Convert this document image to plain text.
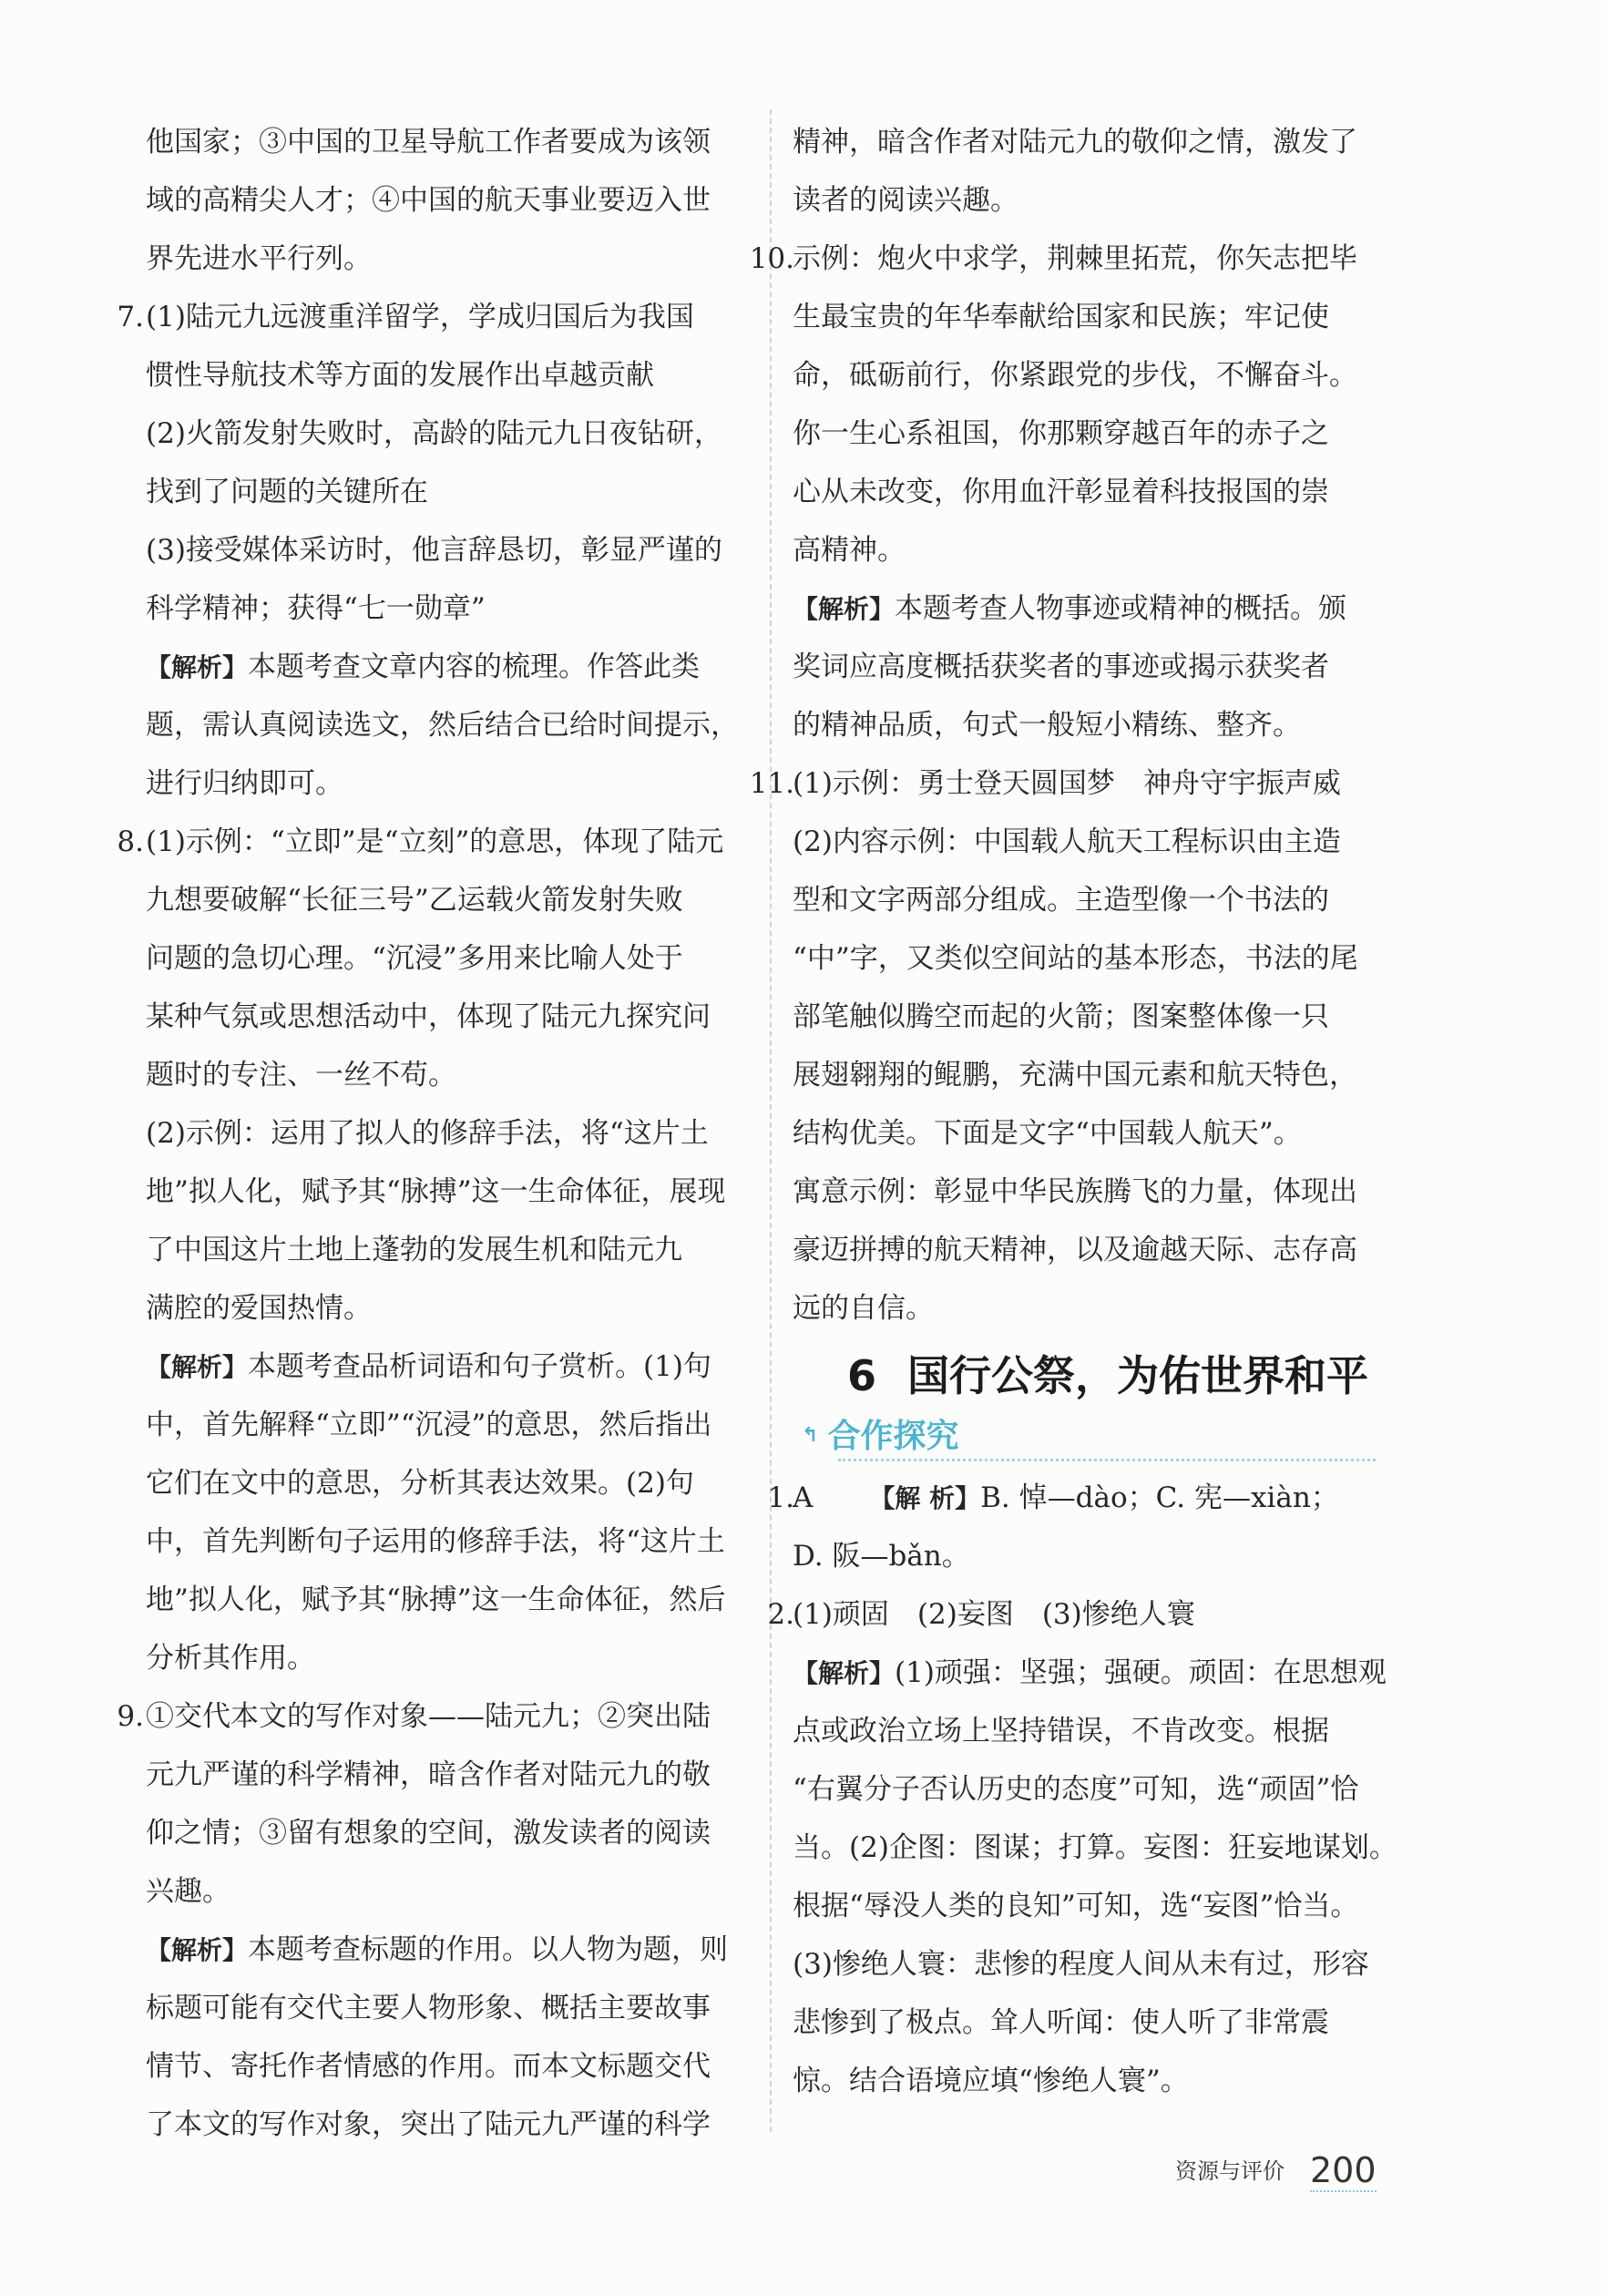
他国家；③中国的卫星导航工作者要成为该领
域的高精尖人才；④中国的航天事业要迈入世
界先进水平行列。
7. (1)陆元九远渡重洋留学，学成归国后为我国
惯性导航技术等方面的发展作出卓越贡献
(2)火箭发射失败时，高龄的陆元九日夜钻研，
找到了问题的关键所在
(3)接受媒体采访时，他言辞恳切，彰显严谨的
科学精神；获得“七一勋章”
【解析】本题考查文章内容的梳理。作答此类
题，需认真阅读选文，然后结合已给时间提示，
进行归纳即可。
8. (1)示例：“立即”是“立刻”的意思，体现了陆元
九想要破解“长征三号”乙运载火箭发射失败
问题的急切心理。“沉浸”多用来比喻人处于
某种气氛或思想活动中，体现了陆元九探究问
题时的专注、一丝不苟。
(2)示例：运用了拟人的修辞手法，将“这片土
地”拟人化，赋予其“脉搏”这一生命体征，展现
了中国这片土地上蓬勃的发展生机和陆元九
满腔的爱国热情。
【解析】本题考查品析词语和句子赏析。(1)句
中，首先解释“立即”“沉浸”的意思，然后指出
它们在文中的意思，分析其表达效果。(2)句
中，首先判断句子运用的修辞手法，将“这片土
地”拟人化，赋予其“脉搏”这一生命体征，然后
分析其作用。
9. ①交代本文的写作对象——陆元九；②突出陆
元九严谨的科学精神，暗含作者对陆元九的敬
仰之情；③留有想象的空间，激发读者的阅读
兴趣。
【解析】本题考查标题的作用。以人物为题，则
标题可能有交代主要人物形象、概括主要故事
情节、寄托作者情感的作用。而本文标题交代
了本文的写作对象，突出了陆元九严谨的科学
精神，暗含作者对陆元九的敬仰之情，激发了
读者的阅读兴趣。
10.
示例：炮火中求学，荆棘里拓荒，你矢志把毕
生最宝贵的年华奉献给国家和民族；牢记使
命，砥砺前行，你紧跟党的步伐，不懈奋斗。
你一生心系祖国，你那颗穿越百年的赤子之
心从未改变，你用血汗彰显着科技报国的崇
高精神。
【解析】本题考查人物事迹或精神的概括。颁
奖词应高度概括获奖者的事迹或揭示获奖者
的精神品质，句式一般短小精练、整齐。
11.
(1)示例：勇士登天圆国梦　神舟守宇振声威
(2)内容示例：中国载人航天工程标识由主造
型和文字两部分组成。主造型像一个书法的
“中”字，又类似空间站的基本形态，书法的尾
部笔触似腾空而起的火箭；图案整体像一只
展翅翱翔的鲲鹏，充满中国元素和航天特色，
结构优美。下面是文字“中国载人航天”。
寓意示例：彰显中华民族腾飞的力量，体现出
豪迈拼搏的航天精神，以及逾越天际、志存高
远的自信。
6 国行公祭，为佑世界和平
↰ 合作探究
1.
A 【解 析】B. 悼—dào；C. 宪—xiàn；
D. 阪—bǎn。
2.
(1)顽固　(2)妄图　(3)惨绝人寰
【解析】(1)顽强：坚强；强硬。顽固：在思想观
点或政治立场上坚持错误，不肯改变。根据
“右翼分子否认历史的态度”可知，选“顽固”恰
当。(2)企图：图谋；打算。妄图：狂妄地谋划。
根据“辱没人类的良知”可知，选“妄图”恰当。
(3)惨绝人寰：悲惨的程度人间从未有过，形容
悲惨到了极点。耸人听闻：使人听了非常震
惊。结合语境应填“惨绝人寰”。
资源与评价 200
